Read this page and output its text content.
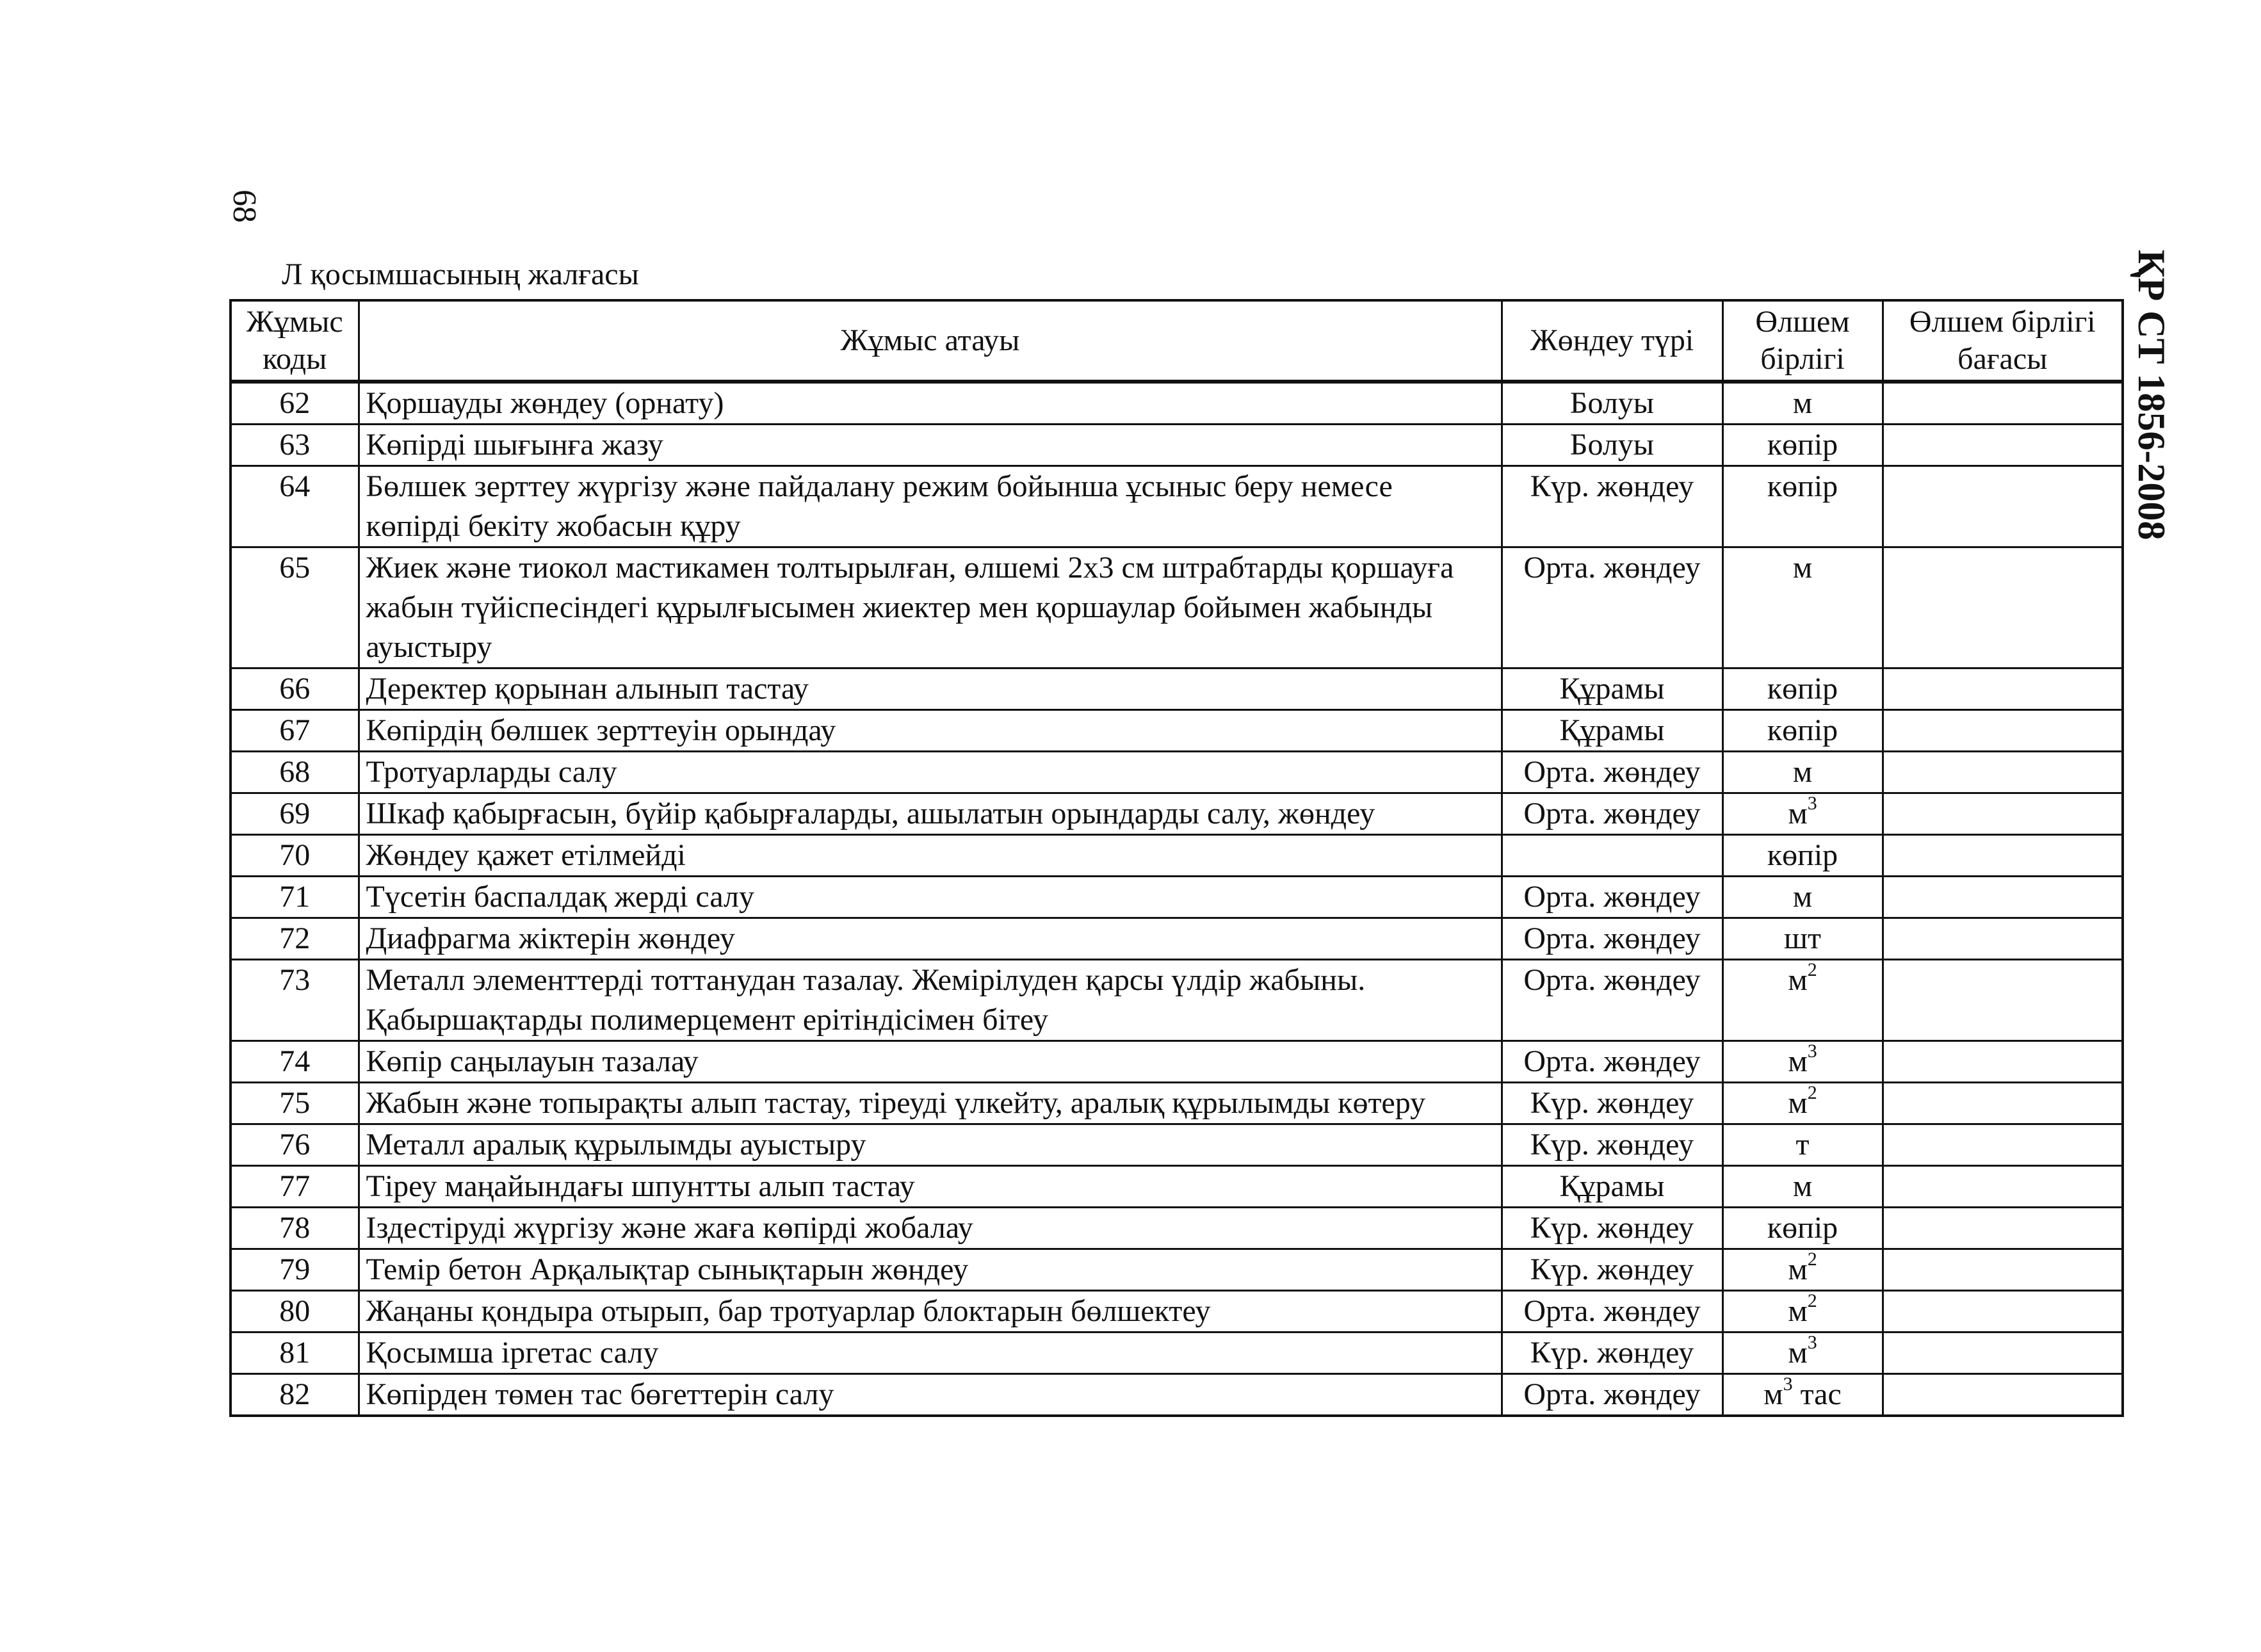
68
ҚР СТ 1856-2008
Л қосымшасының жалғасы
Жұмыс коды	Жұмыс атауы	Жөндеу түрі	Өлшем бірлігі	Өлшем бірлігі бағасы
62	Қоршауды жөндеу (орнату)	Болуы	м	
63	Көпірді шығынға жазу	Болуы	көпір	
64	Бөлшек зерттеу жүргізу және пайдалану режим бойынша ұсыныс беру немесе көпірді бекіту жобасын құру	Күр. жөндеу	көпір	
65	Жиек және тиокол мастикамен толтырылған, өлшемі 2x3 см штрабтарды қоршауға жабын түйіспесіндегі құрылғысымен жиектер мен қоршаулар бойымен жабынды ауыстыру	Орта. жөндеу	м	
66	Деректер қорынан алынып тастау	Құрамы	көпір	
67	Көпірдің бөлшек зерттеуін орындау	Құрамы	көпір	
68	Тротуарларды салу	Орта. жөндеу	м	
69	Шкаф қабырғасын, бүйір қабырғаларды, ашылатын орындарды салу, жөндеу	Орта. жөндеу	$м^3$	
70	Жөндеу қажет етілмейді		көпір	
71	Түсетін баспалдақ жерді салу	Орта. жөндеу	м	
72	Диафрагма жіктерін жөндеу	Орта. жөндеу	шт	
73	Металл элементтерді тоттанудан тазалау. Жемірілуден қарсы үлдір жабыны. Қабыршақтарды полимерцемент ерітіндісімен бітеу	Орта. жөндеу	$м^2$	
74	Көпір саңылауын тазалау	Орта. жөндеу	$м^3$	
75	Жабын және топырақты алып тастау, тіреуді үлкейту, аралық құрылымды көтеру	Күр. жөндеу	$м^2$	
76	Металл аралық құрылымды ауыстыру	Күр. жөндеу	т	
77	Тіреу маңайындағы шпунтты алып тастау	Құрамы	м	
78	Іздестіруді жүргізу және жаға көпірді жобалау	Күр. жөндеу	көпір	
79	Темір бетон Арқалықтар сынықтарын жөндеу	Күр. жөндеу	$м^2$	
80	Жаңаны қондыра отырып, бар тротуарлар блоктарын бөлшектеу	Орта. жөндеу	$м^2$	
81	Қосымша іргетас салу	Күр. жөндеу	$м^3$	
82	Көпірден төмен тас бөгеттерін салу	Орта. жөндеу	$м^3$ тас	
